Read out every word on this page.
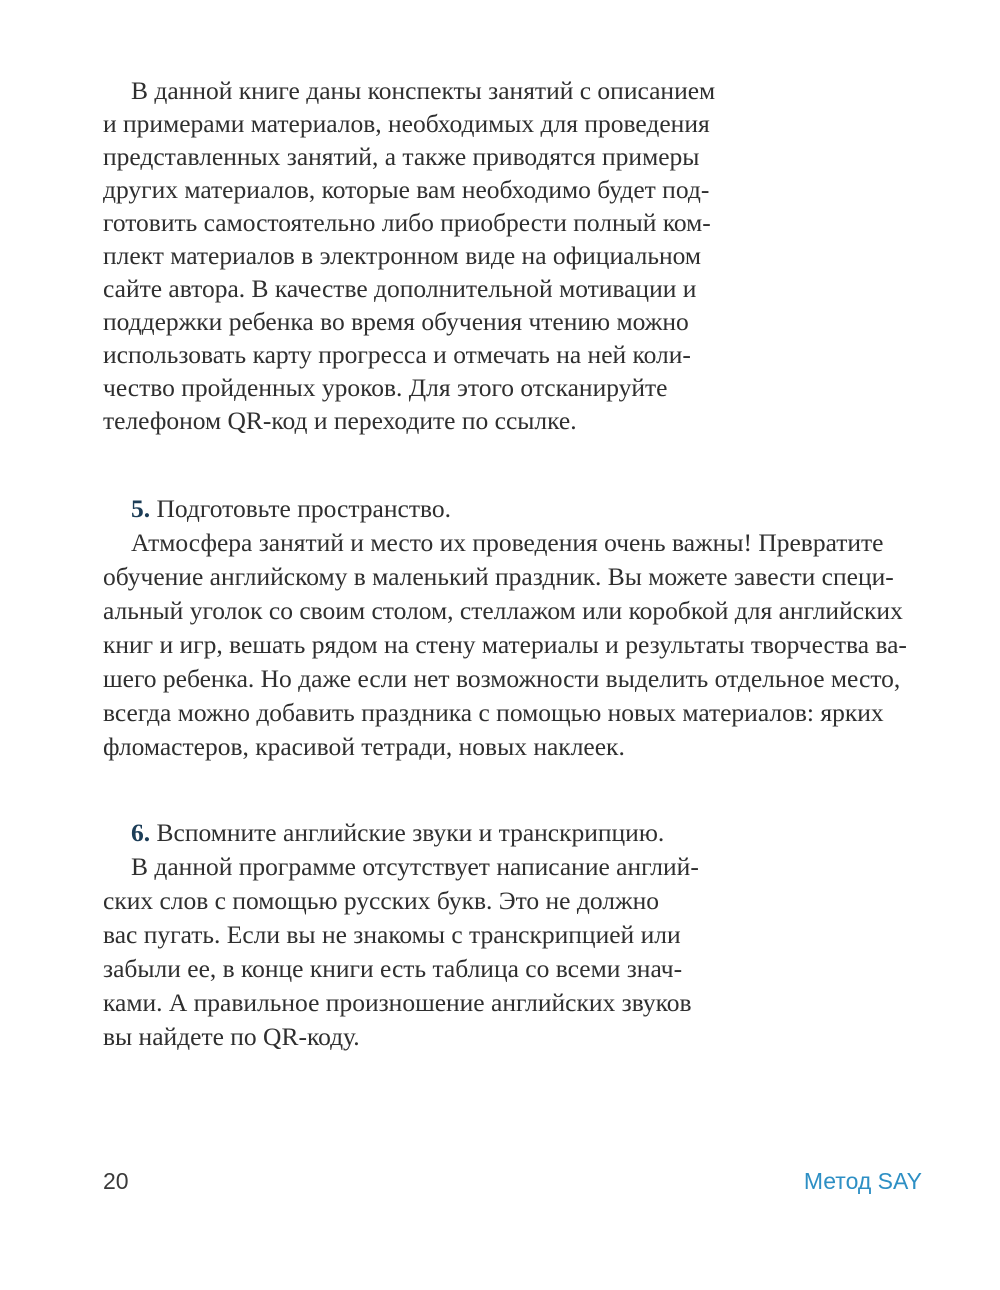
В данной книге даны конспекты занятий с описанием
и примерами материалов, необходимых для проведения
представленных занятий, а также приводятся примеры
других материалов, которые вам необходимо будет под-
готовить самостоятельно либо приобрести полный ком-
плект материалов в электронном виде на официальном
сайте автора. В качестве дополнительной мотивации и
поддержки ребенка во время обучения чтению можно
использовать карту прогресса и отмечать на ней коли-
чество пройденных уроков. Для этого отсканируйте
телефоном QR-код и переходите по ссылке.
5. Подготовьте пространство.
Атмосфера занятий и место их проведения очень важны! Превратите
обучение английскому в маленький праздник. Вы можете завести специ-
альный уголок со своим столом, стеллажом или коробкой для английских
книг и игр, вешать рядом на стену материалы и результаты творчества ва-
шего ребенка. Но даже если нет возможности выделить отдельное место,
всегда можно добавить праздника с помощью новых материалов: ярких
фломастеров, красивой тетради, новых наклеек.
6. Вспомните английские звуки и транскрипцию.
В данной программе отсутствует написание англий-
ских слов с помощью русских букв. Это не должно
вас пугать. Если вы не знакомы с транскрипцией или
забыли ее, в конце книги есть таблица со всеми знач-
ками. А правильное произношение английских звуков
вы найдете по QR-коду.
20	Метод SAY
